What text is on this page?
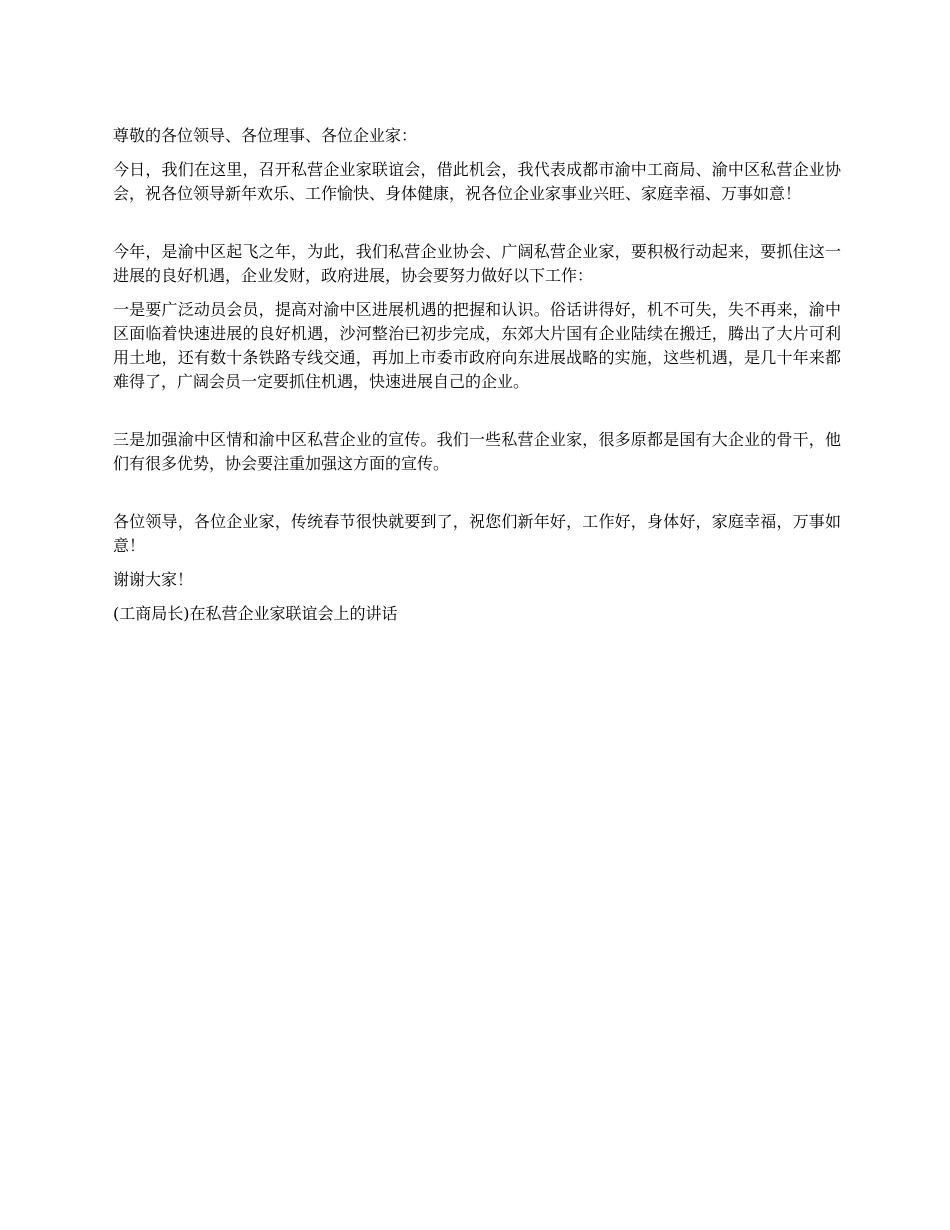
尊敬的各位领导、各位理事、各位企业家：

今日，我们在这里，召开私营企业家联谊会，借此机会，我代表成都市渝中工商局、渝中区私营企业协会，祝各位领导新年欢乐、工作愉快、身体健康，祝各位企业家事业兴旺、家庭幸福、万事如意！

今年，是渝中区起飞之年，为此，我们私营企业协会、广阔私营企业家，要积极行动起来，要抓住这一进展的良好机遇，企业发财，政府进展，协会要努力做好以下工作：

一是要广泛动员会员，提高对渝中区进展机遇的把握和认识。俗话讲得好，机不可失，失不再来，渝中区面临着快速进展的良好机遇，沙河整治已初步完成，东郊大片国有企业陆续在搬迁，腾出了大片可利用土地，还有数十条铁路专线交通，再加上市委市政府向东进展战略的实施，这些机遇，是几十年来都难得了，广阔会员一定要抓住机遇，快速进展自己的企业。

三是加强渝中区情和渝中区私营企业的宣传。我们一些私营企业家，很多原都是国有大企业的骨干，他们有很多优势，协会要注重加强这方面的宣传。

各位领导，各位企业家，传统春节很快就要到了，祝您们新年好，工作好，身体好，家庭幸福，万事如意！

谢谢大家！

(工商局长)在私营企业家联谊会上的讲话
